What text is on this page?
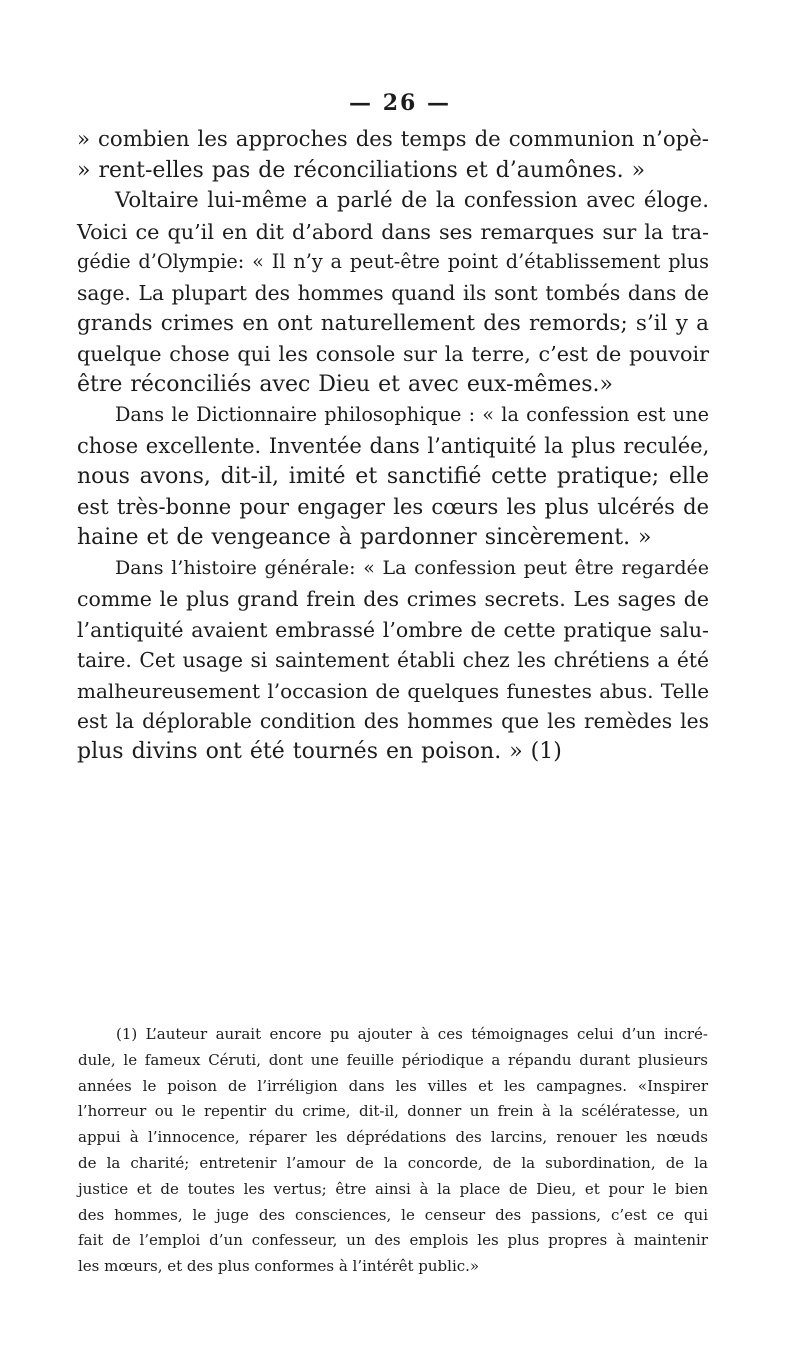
— 26 —
» combien les approches des temps de communion n’opè-
» rent-elles pas de réconciliations et d’aumônes. »
Voltaire lui-même a parlé de la confession avec éloge.
Voici ce qu’il en dit d’abord dans ses remarques sur la tra-
gédie d’Olympie: « Il n’y a peut-être point d’établissement plus
sage. La plupart des hommes quand ils sont tombés dans de
grands crimes en ont naturellement des remords; s’il y a
quelque chose qui les console sur la terre, c’est de pouvoir
être réconciliés avec Dieu et avec eux-mêmes.»
Dans le Dictionnaire philosophique : « la confession est une
chose excellente. Inventée dans l’antiquité la plus reculée,
nous avons, dit-il, imité et sanctifié cette pratique; elle
est très-bonne pour engager les cœurs les plus ulcérés de
haine et de vengeance à pardonner sincèrement. »
Dans l’histoire générale: « La confession peut être regardée
comme le plus grand frein des crimes secrets. Les sages de
l’antiquité avaient embrassé l’ombre de cette pratique salu-
taire. Cet usage si saintement établi chez les chrétiens a été
malheureusement l’occasion de quelques funestes abus. Telle
est la déplorable condition des hommes que les remèdes les
plus divins ont été tournés en poison. » (1)
(1) L’auteur aurait encore pu ajouter à ces témoignages celui d’un incré-
dule, le fameux Céruti, dont une feuille périodique a répandu durant plusieurs
années le poison de l’irréligion dans les villes et les campagnes. «Inspirer
l’horreur ou le repentir du crime, dit-il, donner un frein à la scélératesse, un
appui à l’innocence, réparer les déprédations des larcins, renouer les nœuds
de la charité; entretenir l’amour de la concorde, de la subordination, de la
justice et de toutes les vertus; être ainsi à la place de Dieu, et pour le bien
des hommes, le juge des consciences, le censeur des passions, c’est ce qui
fait de l’emploi d’un confesseur, un des emplois les plus propres à maintenir
les mœurs, et des plus conformes à l’intérêt public.»
